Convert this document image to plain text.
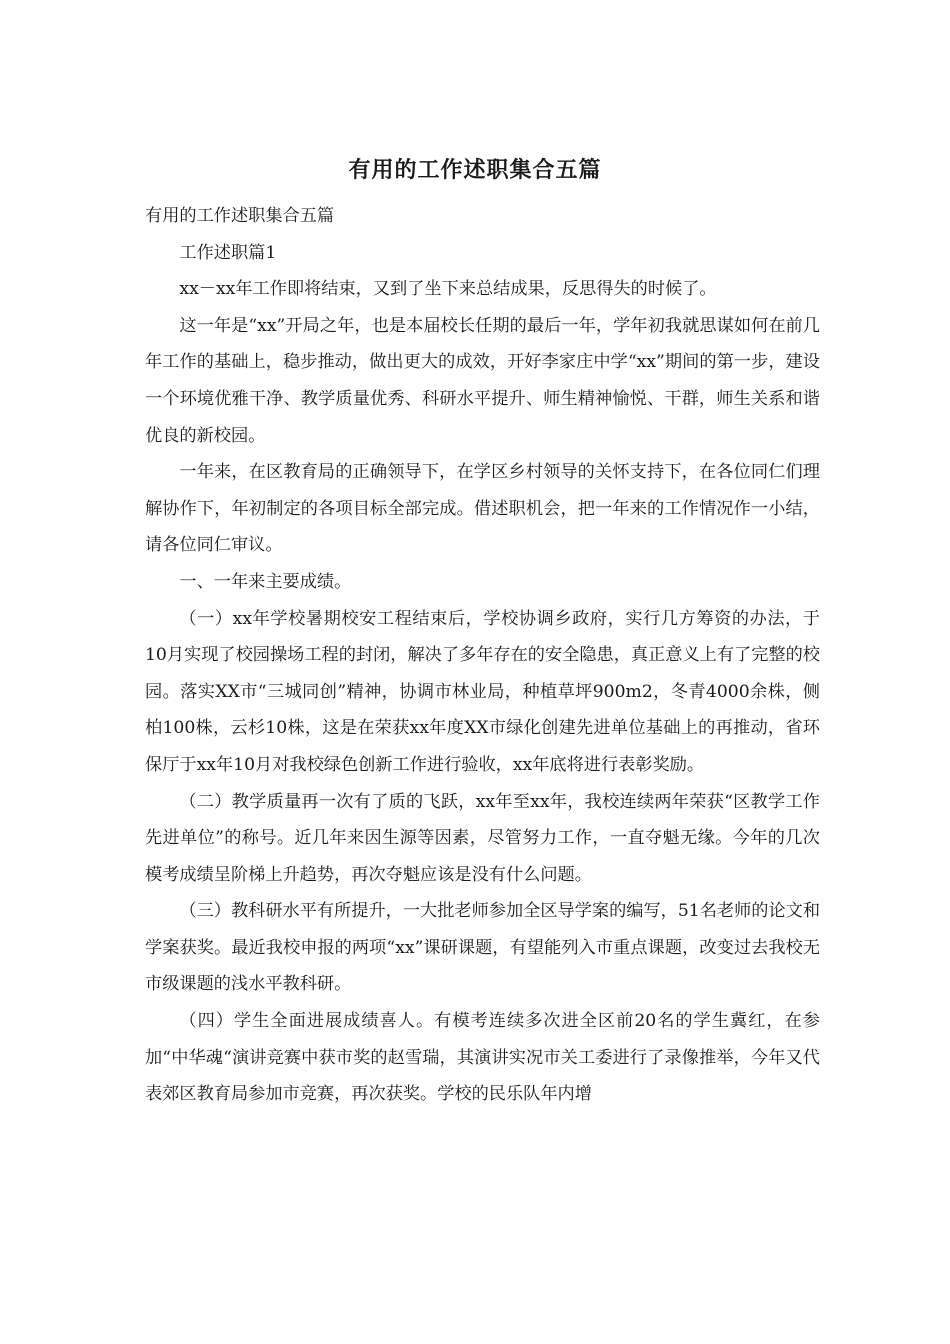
有用的工作述职集合五篇

有用的工作述职集合五篇

工作述职篇1

xx－xx年工作即将结束，又到了坐下来总结成果，反思得失的时候了。

这一年是“xx”开局之年，也是本届校长任期的最后一年，学年初我就思谋如何在前几年工作的基础上，稳步推动，做出更大的成效，开好李家庄中学“xx”期间的第一步，建设一个环境优雅干净、教学质量优秀、科研水平提升、师生精神愉悦、干群，师生关系和谐优良的新校园。

一年来，在区教育局的正确领导下，在学区乡村领导的关怀支持下，在各位同仁们理解协作下，年初制定的各项目标全部完成。借述职机会，把一年来的工作情况作一小结，请各位同仁审议。

一、一年来主要成绩。

（一）xx年学校暑期校安工程结束后，学校协调乡政府，实行几方筹资的办法，于10月实现了校园操场工程的封闭，解决了多年存在的安全隐患，真正意义上有了完整的校园。落实XX市“三城同创”精神，协调市林业局，种植草坪900m2，冬青4000余株，侧柏100株，云杉10株，这是在荣获xx年度XX市绿化创建先进单位基础上的再推动，省环保厅于xx年10月对我校绿色创新工作进行验收，xx年底将进行表彰奖励。

（二）教学质量再一次有了质的飞跃，xx年至xx年，我校连续两年荣获“区教学工作先进单位”的称号。近几年来因生源等因素，尽管努力工作，一直夺魁无缘。今年的几次模考成绩呈阶梯上升趋势，再次夺魁应该是没有什么问题。

（三）教科研水平有所提升，一大批老师参加全区导学案的编写，51名老师的论文和学案获奖。最近我校申报的两项“xx”课研课题，有望能列入市重点课题，改变过去我校无市级课题的浅水平教科研。

（四）学生全面进展成绩喜人。有模考连续多次进全区前20名的学生冀红，在参加“中华魂“演讲竞赛中获市奖的赵雪瑞，其演讲实况市关工委进行了录像推举，今年又代表郊区教育局参加市竞赛，再次获奖。学校的民乐队年内增
